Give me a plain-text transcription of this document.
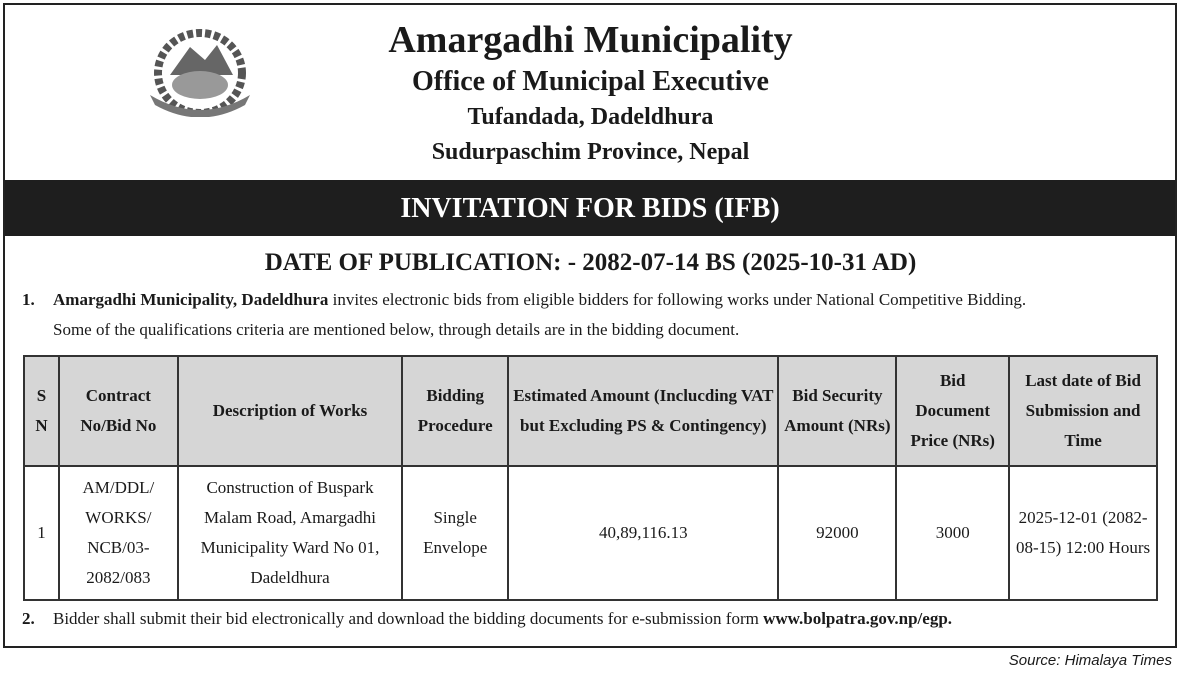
Amargadhi Municipality
Office of Municipal Executive
Tufandada, Dadeldhura
Sudurpaschim Province, Nepal
INVITATION FOR BIDS (IFB)
DATE OF PUBLICATION: - 2082-07-14 BS (2025-10-31 AD)
1. Amargadhi Municipality, Dadeldhura invites electronic bids from eligible bidders for following works under National Competitive Bidding.
Some of the qualifications criteria are mentioned below, through details are in the bidding document.
S N	Contract No/Bid No	Description of Works	Bidding Procedure	Estimated Amount (Inclucding VAT but Excluding PS & Contingency)	Bid Security Amount (NRs)	Bid Document Price (NRs)	Last date of Bid Submission and Time
1	AM/DDL/ WORKS/ NCB/03- 2082/083	Construction of Buspark Malam Road, Amargadhi Municipality Ward No 01, Dadeldhura	Single Envelope	40,89,116.13	92000	3000	2025-12-01 (2082-08-15) 12:00 Hours
2. Bidder shall submit their bid electronically and download the bidding documents for e-submission form www.bolpatra.gov.np/egp.
Source: Himalaya Times
